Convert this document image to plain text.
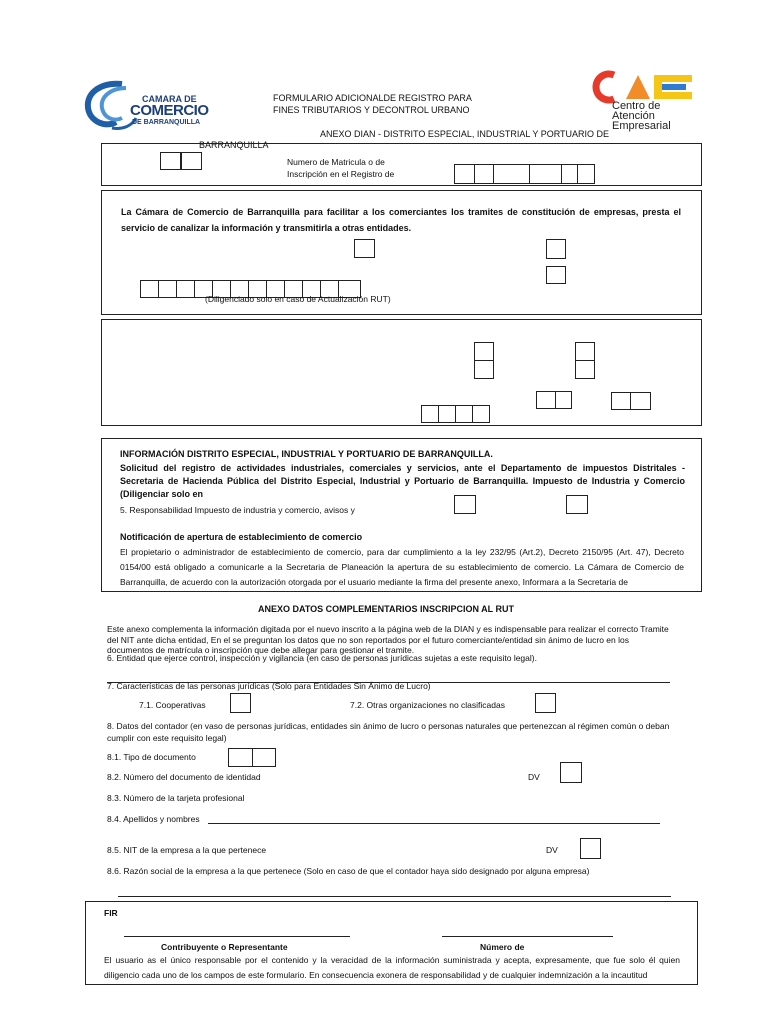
CAMARA DE
COMERCIO
DE BARRANQUILLA
FORMULARIO ADICIONALDE REGISTRO PARA
FINES TRIBUTARIOS Y DECONTROL URBANO
ANEXO DIAN - DISTRITO ESPECIAL, INDUSTRIAL Y PORTUARIO DE
BARRANQUILLA
Centro de
Atención
Empresarial
Numero de Matricula o de
Inscripción en el Registro de
La Cámara de Comercio de Barranquilla para facilitar a los comerciantes los tramites de constitución de empresas, presta el servicio de canalizar la información y transmitirla a otras entidades.
(Diligenciado solo en caso de Actualización RUT)
INFORMACIÓN DISTRITO ESPECIAL, INDUSTRIAL Y PORTUARIO DE BARRANQUILLA.
Solicitud del registro de actividades industriales, comerciales y servicios, ante el Departamento de impuestos Distritales - Secretaria de Hacienda Pública del Distrito Especial, Industrial y Portuario de Barranquilla. Impuesto de Industria y Comercio (Diligenciar solo en
5. Responsabilidad Impuesto de industria y comercio, avisos y
Notificación de apertura de establecimiento de comercio
El propietario o administrador de establecimiento de comercio, para dar cumplimiento a la ley 232/95 (Art.2), Decreto 2150/95 (Art. 47), Decreto 0154/00 está obligado a comunicarle a la Secretaria de Planeación la apertura de su establecimiento de comercio. La Cámara de Comercio de Barranquilla, de acuerdo con la autorización otorgada por el usuario mediante la firma del presente anexo, Informara a la Secretaria de
ANEXO DATOS COMPLEMENTARIOS INSCRIPCION AL RUT
Este anexo complementa la información digitada por el nuevo inscrito a la página web de la DIAN y es indispensable para realizar el correcto Tramite del NIT ante dicha entidad, En el se preguntan los datos que no son reportados por el futuro comerciante/entidad sin ánimo de lucro en los documentos de matrícula o inscripción que debe allegar para gestionar el tramite.
6. Entidad que ejerce control, inspección y vigilancia (en caso de personas jurídicas sujetas a este requisito legal).
7. Características de las personas jurídicas (Solo para Entidades Sin Ánimo de Lucro)
7.1. Cooperativas	7.2. Otras organizaciones no clasificadas
8. Datos del contador (en vaso de personas jurídicas, entidades sin ánimo de lucro o personas naturales que pertenezcan al régimen común o deban cumplir con este requisito legal)
8.1. Tipo de documento
8.2. Número del documento de identidad	DV
8.3. Número de la tarjeta profesional
8.4. Apellidos y nombres
8.5. NIT de la empresa a la que pertenece	DV
8.6. Razón social de la empresa a la que pertenece (Solo en caso de que el contador haya sido designado por alguna empresa)
FIR
Contribuyente o Representante	Número de
El usuario as el único responsable por el contenido y la veracidad de la información suministrada y acepta, expresamente, que fue solo él quien diligencio cada uno de los campos de este formulario. En consecuencia exonera de responsabilidad y de cualquier indemnización a la incautitud
